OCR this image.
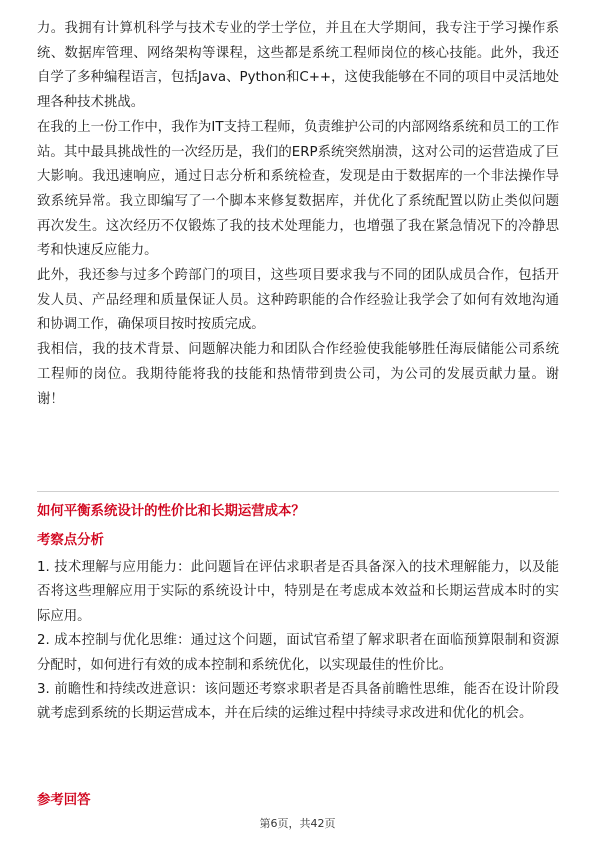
力。我拥有计算机科学与技术专业的学士学位，并且在大学期间，我专注于学习操作系统、数据库管理、网络架构等课程，这些都是系统工程师岗位的核心技能。此外，我还自学了多种编程语言，包括Java、Python和C++，这使我能够在不同的项目中灵活地处理各种技术挑战。

在我的上一份工作中，我作为IT支持工程师，负责维护公司的内部网络系统和员工的工作站。其中最具挑战性的一次经历是，我们的ERP系统突然崩溃，这对公司的运营造成了巨大影响。我迅速响应，通过日志分析和系统检查，发现是由于数据库的一个非法操作导致系统异常。我立即编写了一个脚本来修复数据库，并优化了系统配置以防止类似问题再次发生。这次经历不仅锻炼了我的技术处理能力，也增强了我在紧急情况下的冷静思考和快速反应能力。

此外，我还参与过多个跨部门的项目，这些项目要求我与不同的团队成员合作，包括开发人员、产品经理和质量保证人员。这种跨职能的合作经验让我学会了如何有效地沟通和协调工作，确保项目按时按质完成。

我相信，我的技术背景、问题解决能力和团队合作经验使我能够胜任海辰储能公司系统工程师的岗位。我期待能将我的技能和热情带到贵公司，为公司的发展贡献力量。谢谢！

如何平衡系统设计的性价比和长期运营成本？
考察点分析

1. 技术理解与应用能力：此问题旨在评估求职者是否具备深入的技术理解能力，以及能否将这些理解应用于实际的系统设计中，特别是在考虑成本效益和长期运营成本时的实际应用。

2. 成本控制与优化思维：通过这个问题，面试官希望了解求职者在面临预算限制和资源分配时，如何进行有效的成本控制和系统优化，以实现最佳的性价比。

3. 前瞻性和持续改进意识：该问题还考察求职者是否具备前瞻性思维，能否在设计阶段就考虑到系统的长期运营成本，并在后续的运维过程中持续寻求改进和优化的机会。

参考回答
第6页，共42页
